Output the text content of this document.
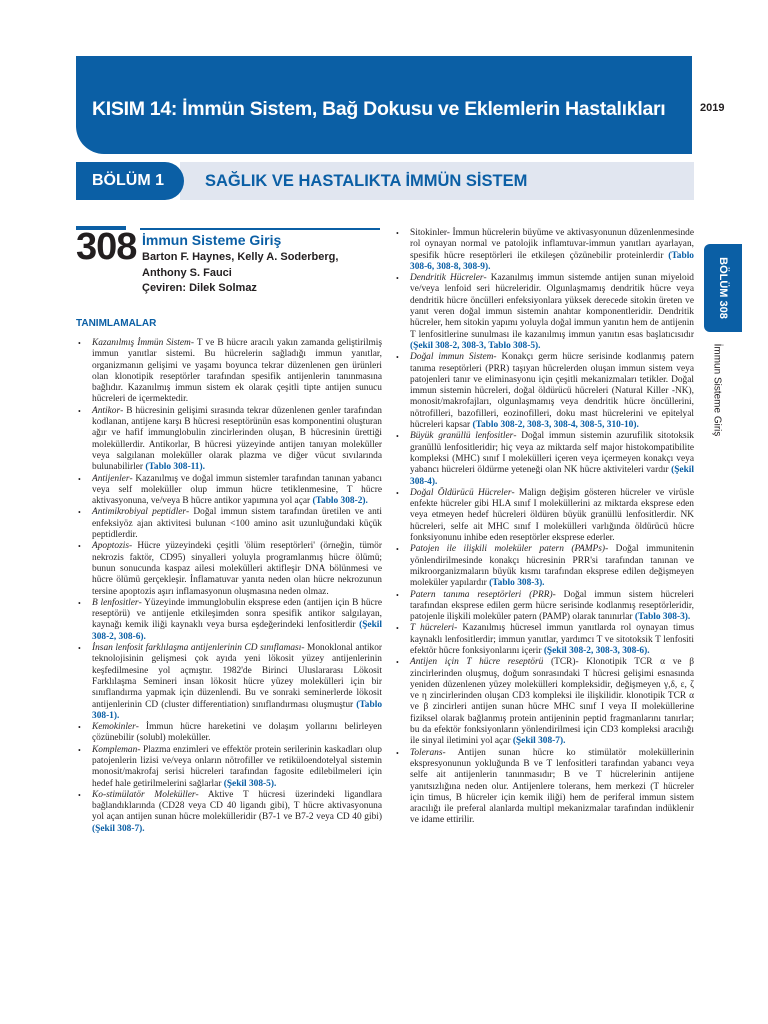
KISIM 14: İmmün Sistem, Bağ Dokusu ve Eklemlerin Hastalıkları	2019
BÖLÜM 1 SAĞLIK VE HASTALIKTA İMMÜN SİSTEM
BÖLÜM 308
İmmun Sisteme Giriş
308 İmmun Sisteme Giriş
Barton F. Haynes, Kelly A. Soderberg,
Anthony S. Fauci
Çeviren: Dilek Solmaz
TANIMLAMALAR
• Kazanılmış İmmün Sistem- T ve B hücre aracılı yakın zamanda geliştirilmiş immun yanıtlar sistemi. Bu hücrelerin sağladığı immun yanıtlar, organizmanın gelişimi ve yaşamı boyunca tekrar düzenlenen gen ürünleri olan klonotipik reseptörler tarafından spesifik antijenlerin tanınmasına bağlıdır. Kazanılmış immun sistem ek olarak çeşitli tipte antijen sunucu hücreleri de içermektedir.
• Antikor- B hücresinin gelişimi sırasında tekrar düzenlenen genler tarafından kodlanan, antijene karşı B hücresi reseptörünün esas komponentini oluşturan ağır ve hafif immunglobulin zincirlerinden oluşan, B hücresinin ürettiği moleküllerdir. Antikorlar, B hücresi yüzeyinde antijen tanıyan moleküller veya salgılanan moleküller olarak plazma ve diğer vücut sıvılarında bulunabilirler (Tablo 308-11).
• Antijenler- Kazanılmış ve doğal immun sistemler tarafından tanınan yabancı veya self moleküller olup immun hücre tetiklenmesine, T hücre aktivasyonuna, ve/veya B hücre antikor yapımına yol açar (Tablo 308-2).
• Antimikrobiyal peptidler- Doğal immun sistem tarafından üretilen ve anti enfeksiyöz ajan aktivitesi bulunan <100 amino asit uzunluğundaki küçük peptidlerdir.
• Apoptozis- Hücre yüzeyindeki çeşitli 'ölüm reseptörleri' (örneğin, tümör nekrozis faktör, CD95) sinyalleri yoluyla programlanmış hücre ölümü; bunun sonucunda kaspaz ailesi molekülleri aktifleşir DNA bölünmesi ve hücre ölümü gerçekleşir. İnflamatuvar yanıta neden olan hücre nekrozunun tersine apoptozis aşırı inflamasyonun oluşmasına neden olmaz.
• B lenfositler- Yüzeyinde immunglobulin eksprese eden (antijen için B hücre reseptörü) ve antijenle etkileşimden sonra spesifik antikor salgılayan, kaynağı kemik iliği kaynaklı veya bursa eşdeğerindeki lenfositlerdir (Şekil 308-2, 308-6).
• İnsan lenfosit farklılaşma antijenlerinin CD sınıflaması- Monoklonal antikor teknolojisinin gelişmesi çok ayıda yeni lökosit yüzey antijenlerinin keşfedilmesine yol açmıştır. 1982'de Birinci Uluslararası Lökosit Farklılaşma Semineri insan lökosit hücre yüzey molekülleri için bir sınıflandırma yapmak için düzenlendi. Bu ve sonraki seminerlerde lökosit antijenlerinin CD (cluster differentiation) sınıflandırması oluşmuştur (Tablo 308-1).
• Kemokinler- İmmun hücre hareketini ve dolaşım yollarını belirleyen çözünebilir (solubl) moleküller.
• Kompleman- Plazma enzimleri ve effektör protein serilerinin kaskadları olup patojenlerin lizisi ve/veya onların nötrofiller ve retiküloendotelyal sistemin monosit/makrofaj serisi hücreleri tarafından fagosite edilebilmeleri için hedef hale getirilmelerini sağlarlar (Şekil 308-5).
• Ko-stimülatör Moleküller- Aktive T hücresi üzerindeki ligandlara bağlandıklarında (CD28 veya CD 40 ligandı gibi), T hücre aktivasyonuna yol açan antijen sunan hücre molekülleridir (B7-1 ve B7-2 veya CD 40 gibi) (Şekil 308-7).
• Sitokinler- İmmun hücrelerin büyüme ve aktivasyonunun düzenlenmesinde rol oynayan normal ve patolojik inflamtuvar-immun yanıtları ayarlayan, spesifik hücre reseptörleri ile etkileşen çözünebilir proteinlerdir (Tablo 308-6, 308-8, 308-9).
• Dendritik Hücreler- Kazanılmış immun sistemde antijen sunan miyeloid ve/veya lenfoid seri hücreleridir. Olgunlaşmamış dendritik hücre veya dendritik hücre öncülleri enfeksiyonlara yüksek derecede sitokin üreten ve yanıt veren doğal immun sistemin anahtar komponentleridir. Dendritik hücreler, hem sitokin yapımı yoluyla doğal immun yanıtın hem de antijenin T lenfositlerine sunulması ile kazanılmış immun yanıtın esas başlatıcısıdır (Şekil 308-2, 308-3, Tablo 308-5).
• Doğal immun Sistem- Konakçı germ hücre serisinde kodlanmış patern tanıma reseptörleri (PRR) taşıyan hücrelerden oluşan immun sistem veya patojenleri tanır ve eliminasyonu için çeşitli mekanizmaları tetikler. Doğal immun sistemin hücreleri, doğal öldürücü hücreleri (Natural Killer -NK), monosit/makrofajları, olgunlaşmamış veya dendritik hücre öncüllerini, nötrofilleri, bazofilleri, eozinofilleri, doku mast hücrelerini ve epitelyal hücreleri kapsar (Tablo 308-2, 308-3, 308-4, 308-5, 310-10).
• Büyük granüllü lenfositler- Doğal immun sistemin azurufilik sitotoksik granüllü lenfositleridir; hiç veya az miktarda self major histokompatibilite kompleksi (MHC) sınıf I molekülleri içeren veya içermeyen konakçı veya yabancı hücreleri öldürme yeteneği olan NK hücre aktiviteleri vardır (Şekil 308-4).
• Doğal Öldürücü Hücreler- Malign değişim gösteren hücreler ve virüsle enfekte hücreler gibi HLA sınıf I moleküllerini az miktarda eksprese eden veya etmeyen hedef hücreleri öldüren büyük granüllü lenfositlerdir. NK hücreleri, selfe ait MHC sınıf I molekülleri varlığında öldürücü hücre fonksiyonunu inhibe eden reseptörler eksprese ederler.
• Patojen ile ilişkili moleküler patern (PAMPs)- Doğal immunitenin yönlendirilmesinde konakçı hücresinin PRR'si tarafından tanınan ve mikroorganizmaların büyük kısmı tarafından eksprese edilen değişmeyen moleküler yapılardır (Tablo 308-3).
• Patern tanıma reseptörleri (PRR)- Doğal immun sistem hücreleri tarafından eksprese edilen germ hücre serisinde kodlanmış reseptörleridir, patojenle ilişkili moleküler patern (PAMP) olarak tanınırlar (Tablo 308-3).
• T hücreleri- Kazanılmış hücresel immun yanıtlarda rol oynayan timus kaynaklı lenfositlerdir; immun yanıtlar, yardımcı T ve sitotoksik T lenfositi efektör hücre fonksiyonlarını içerir (Şekil 308-2, 308-3, 308-6).
• Antijen için T hücre reseptörü (TCR)- Klonotipik TCR α ve β zincirlerinden oluşmuş, doğum sonrasındaki T hücresi gelişimi esnasında yeniden düzenlenen yüzey molekülleri kompleksidir, değişmeyen γ,δ, ε, ζ ve η zincirlerinden oluşan CD3 kompleksi ile ilişkilidir. klonotipik TCR α ve β zincirleri antijen sunan hücre MHC sınıf I veya II moleküllerine fiziksel olarak bağlanmış protein antijeninin peptid fragmanlarını tanırlar; bu da efektör fonksiyonların yönlendirilmesi için CD3 kompleksi aracılığı ile sinyal iletimini yol açar (Şekil 308-7).
• Tolerans- Antijen sunan hücre ko stimülatör moleküllerinin ekspresyonunun yokluğunda B ve T lenfositleri tarafından yabancı veya selfe ait antijenlerin tanınmasıdır; B ve T hücrelerinin antijene yanıtsızlığına neden olur. Antijenlere tolerans, hem merkezi (T hücreler için timus, B hücreler için kemik iliği) hem de periferal immun sistem aracılığı ile preferal alanlarda multipl mekanizmalar tarafından indüklenir ve idame ettirilir.
